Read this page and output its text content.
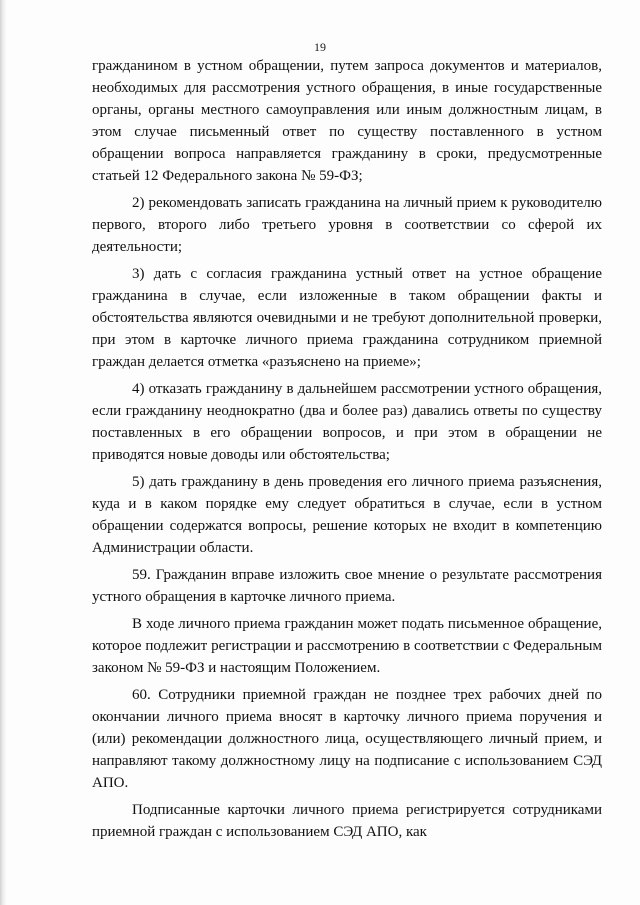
19

гражданином в устном обращении, путем запроса документов и материалов, необходимых для рассмотрения устного обращения, в иные государственные органы, органы местного самоуправления или иным должностным лицам, в этом случае письменный ответ по существу поставленного в устном обращении вопроса направляется гражданину в сроки, предусмотренные статьей 12 Федерального закона № 59-ФЗ;

2) рекомендовать записать гражданина на личный прием к руководителю первого, второго либо третьего уровня в соответствии со сферой их деятельности;

3) дать с согласия гражданина устный ответ на устное обращение гражданина в случае, если изложенные в таком обращении факты и обстоятельства являются очевидными и не требуют дополнительной проверки, при этом в карточке личного приема гражданина сотрудником приемной граждан делается отметка «разъяснено на приеме»;

4) отказать гражданину в дальнейшем рассмотрении устного обращения, если гражданину неоднократно (два и более раз) давались ответы по существу поставленных в его обращении вопросов, и при этом в обращении не приводятся новые доводы или обстоятельства;

5) дать гражданину в день проведения его личного приема разъяснения, куда и в каком порядке ему следует обратиться в случае, если в устном обращении содержатся вопросы, решение которых не входит в компетенцию Администрации области.

59. Гражданин вправе изложить свое мнение о результате рассмотрения устного обращения в карточке личного приема.

В ходе личного приема гражданин может подать письменное обращение, которое подлежит регистрации и рассмотрению в соответствии с Федеральным законом № 59-ФЗ и настоящим Положением.

60. Сотрудники приемной граждан не позднее трех рабочих дней по окончании личного приема вносят в карточку личного приема поручения и (или) рекомендации должностного лица, осуществляющего личный прием, и направляют такому должностному лицу на подписание с использованием СЭД АПО.

Подписанные карточки личного приема регистрируется сотрудниками приемной граждан с использованием СЭД АПО, как
